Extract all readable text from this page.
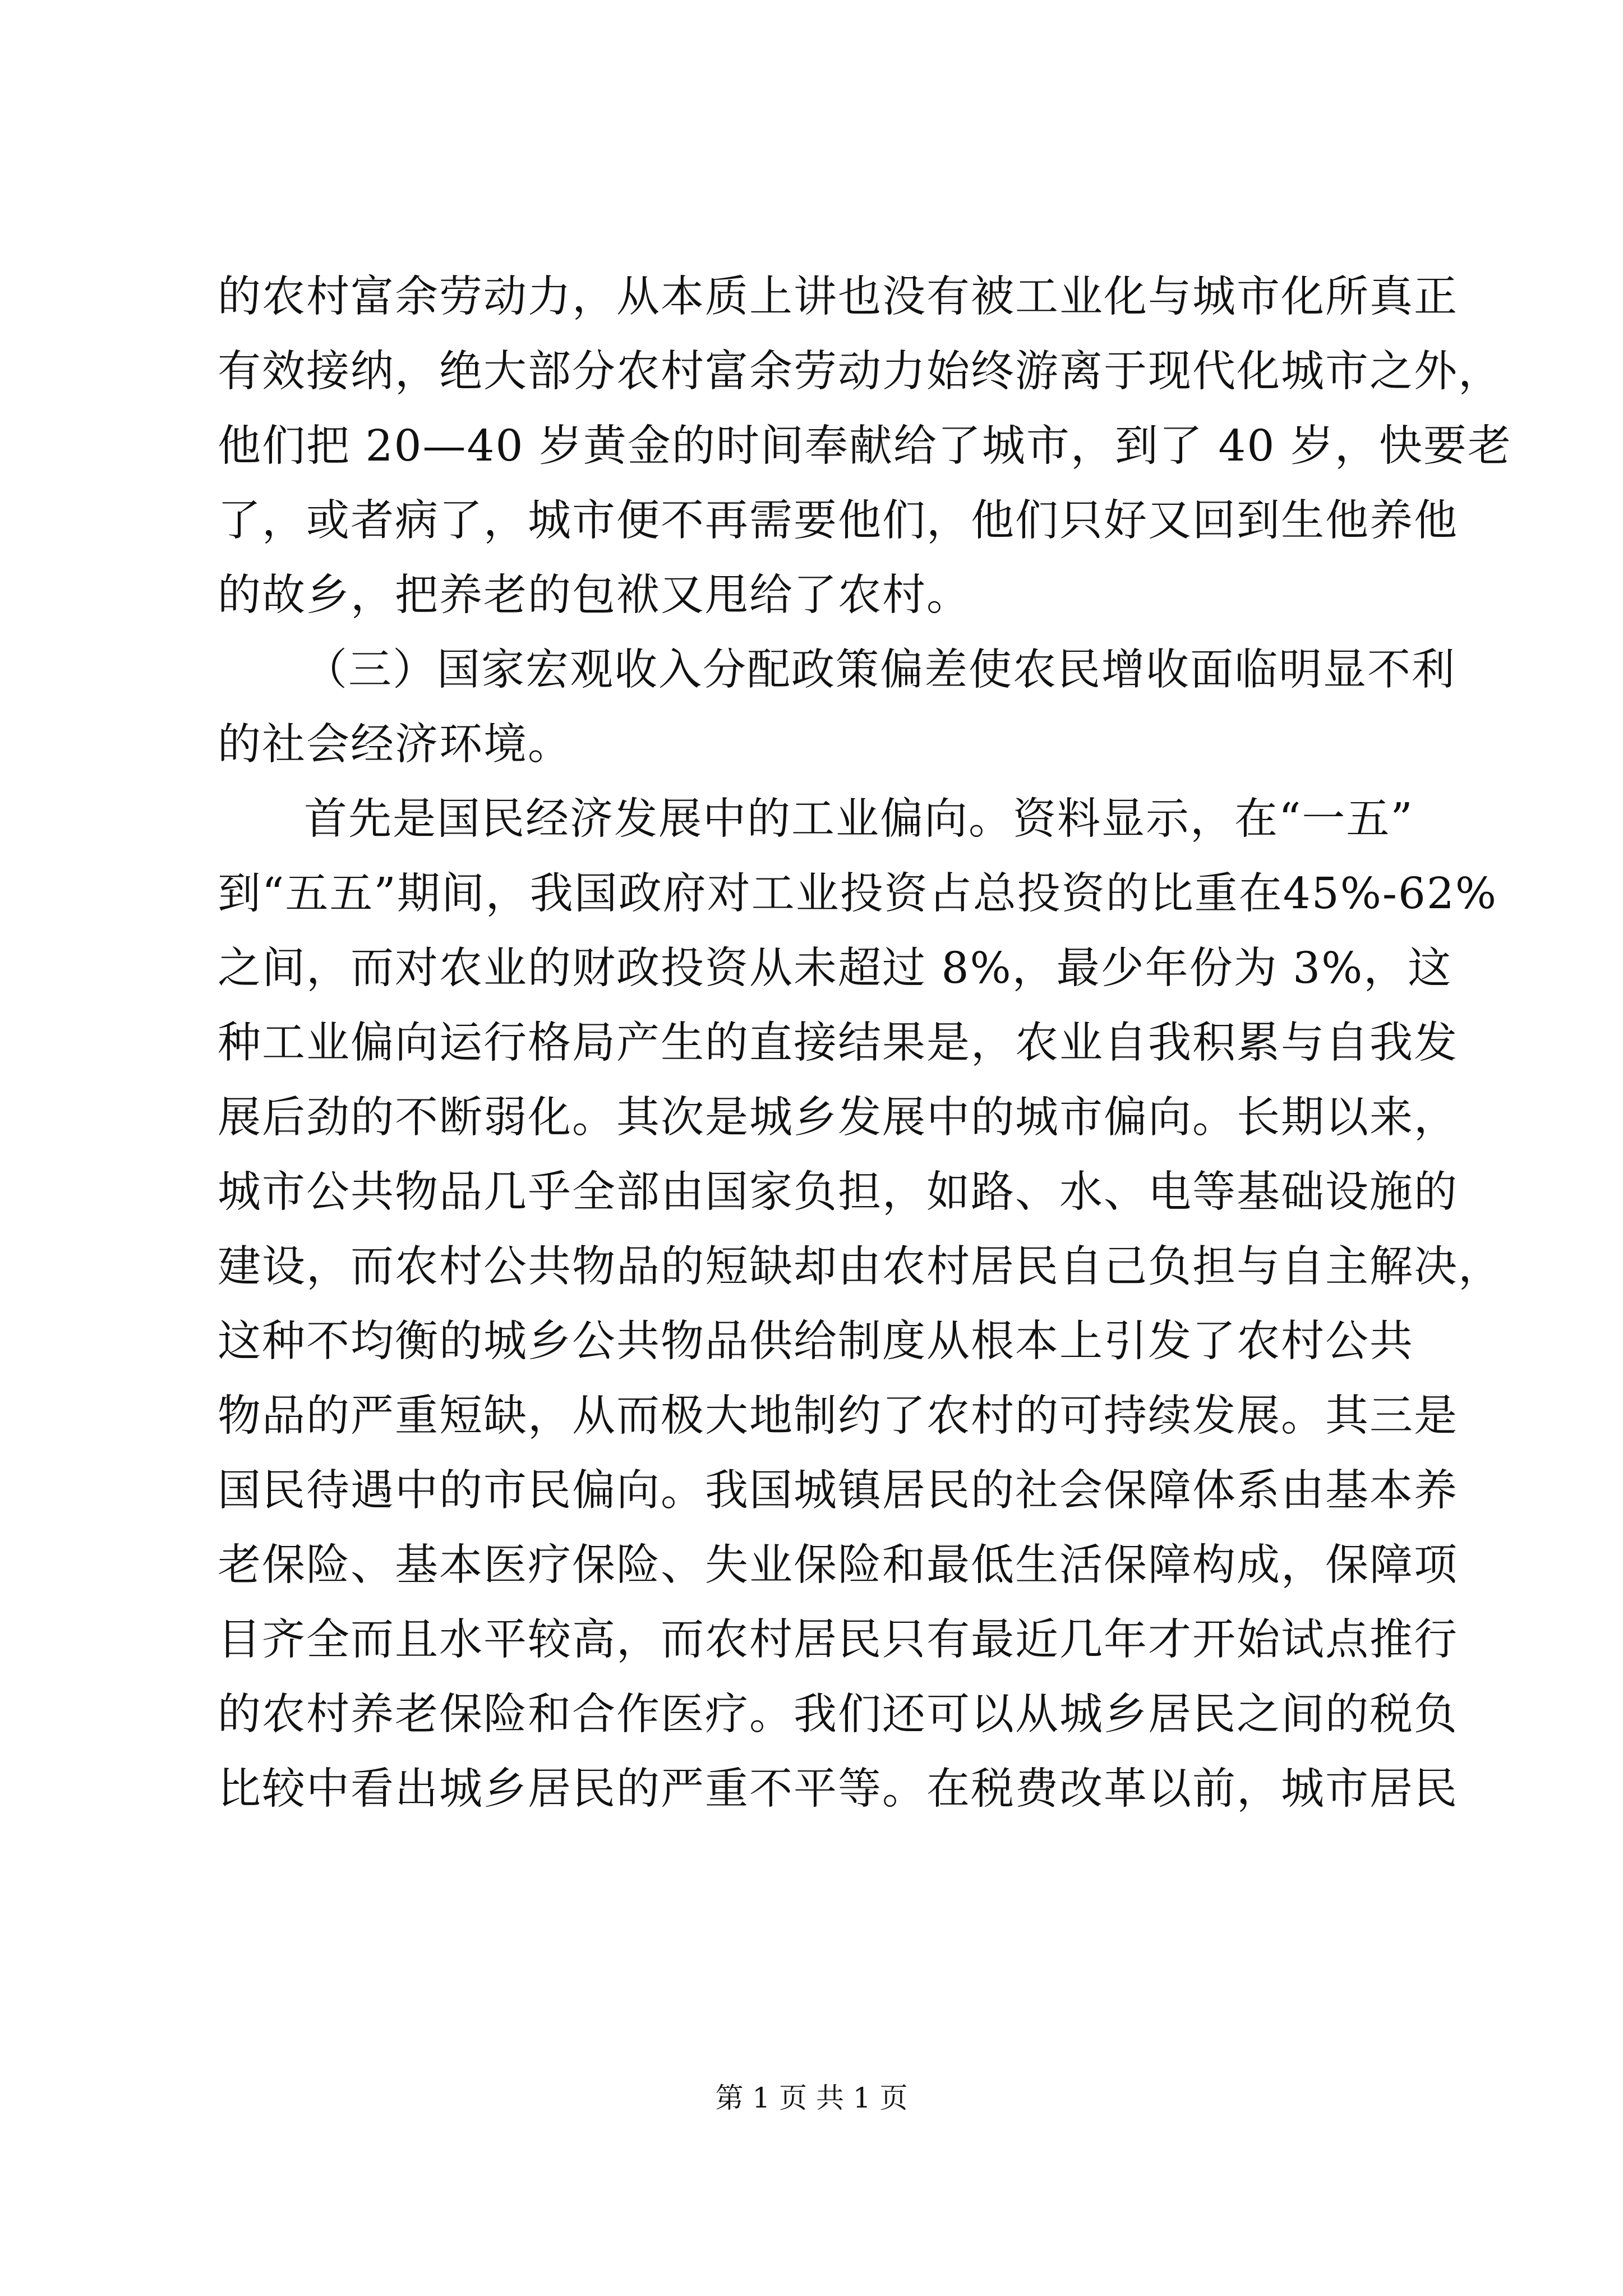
的农村富余劳动力，从本质上讲也没有被工业化与城市化所真正
有效接纳，绝大部分农村富余劳动力始终游离于现代化城市之外，
他们把 20—40 岁黄金的时间奉献给了城市，到了 40 岁，快要老
了，或者病了，城市便不再需要他们，他们只好又回到生他养他
的故乡，把养老的包袱又甩给了农村。
（三）国家宏观收入分配政策偏差使农民增收面临明显不利
的社会经济环境。
首先是国民经济发展中的工业偏向。资料显示，在“一五”
到“五五”期间，我国政府对工业投资占总投资的比重在45%-62%
之间，而对农业的财政投资从未超过 8%，最少年份为 3%，这
种工业偏向运行格局产生的直接结果是，农业自我积累与自我发
展后劲的不断弱化。其次是城乡发展中的城市偏向。长期以来，
城市公共物品几乎全部由国家负担，如路、水、电等基础设施的
建设，而农村公共物品的短缺却由农村居民自己负担与自主解决，
这种不均衡的城乡公共物品供给制度从根本上引发了农村公共
物品的严重短缺，从而极大地制约了农村的可持续发展。其三是
国民待遇中的市民偏向。我国城镇居民的社会保障体系由基本养
老保险、基本医疗保险、失业保险和最低生活保障构成，保障项
目齐全而且水平较高，而农村居民只有最近几年才开始试点推行
的农村养老保险和合作医疗。我们还可以从城乡居民之间的税负
比较中看出城乡居民的严重不平等。在税费改革以前，城市居民
第 1 页 共 1 页
